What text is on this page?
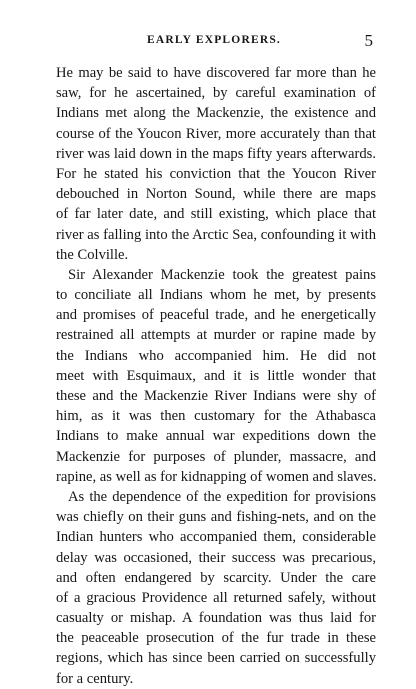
EARLY EXPLORERS.	5
He may be said to have discovered far more than he
saw, for he ascertained, by careful examination of
Indians met along the Mackenzie, the existence and
course of the Youcon River, more accurately than that
river was laid down in the maps fifty years afterwards.
For he stated his conviction that the Youcon River
debouched in Norton Sound, while there are maps
of far later date, and still existing, which place that
river as falling into the Arctic Sea, confounding it with
the Colville.
Sir Alexander Mackenzie took the greatest pains
to conciliate all Indians whom he met, by presents
and promises of peaceful trade, and he energetically
restrained all attempts at murder or rapine made by
the Indians who accompanied him. He did not
meet with Esquimaux, and it is little wonder that
these and the Mackenzie River Indians were shy of
him, as it was then customary for the Athabasca
Indians to make annual war expeditions down the
Mackenzie for purposes of plunder, massacre, and
rapine, as well as for kidnapping of women and slaves.
As the dependence of the expedition for provisions
was chiefly on their guns and fishing-nets, and on the
Indian hunters who accompanied them, considerable
delay was occasioned, their success was precarious,
and often endangered by scarcity. Under the care
of a gracious Providence all returned safely, without
casualty or mishap. A foundation was thus laid for
the peaceable prosecution of the fur trade in these
regions, which has since been carried on successfully
for a century.
